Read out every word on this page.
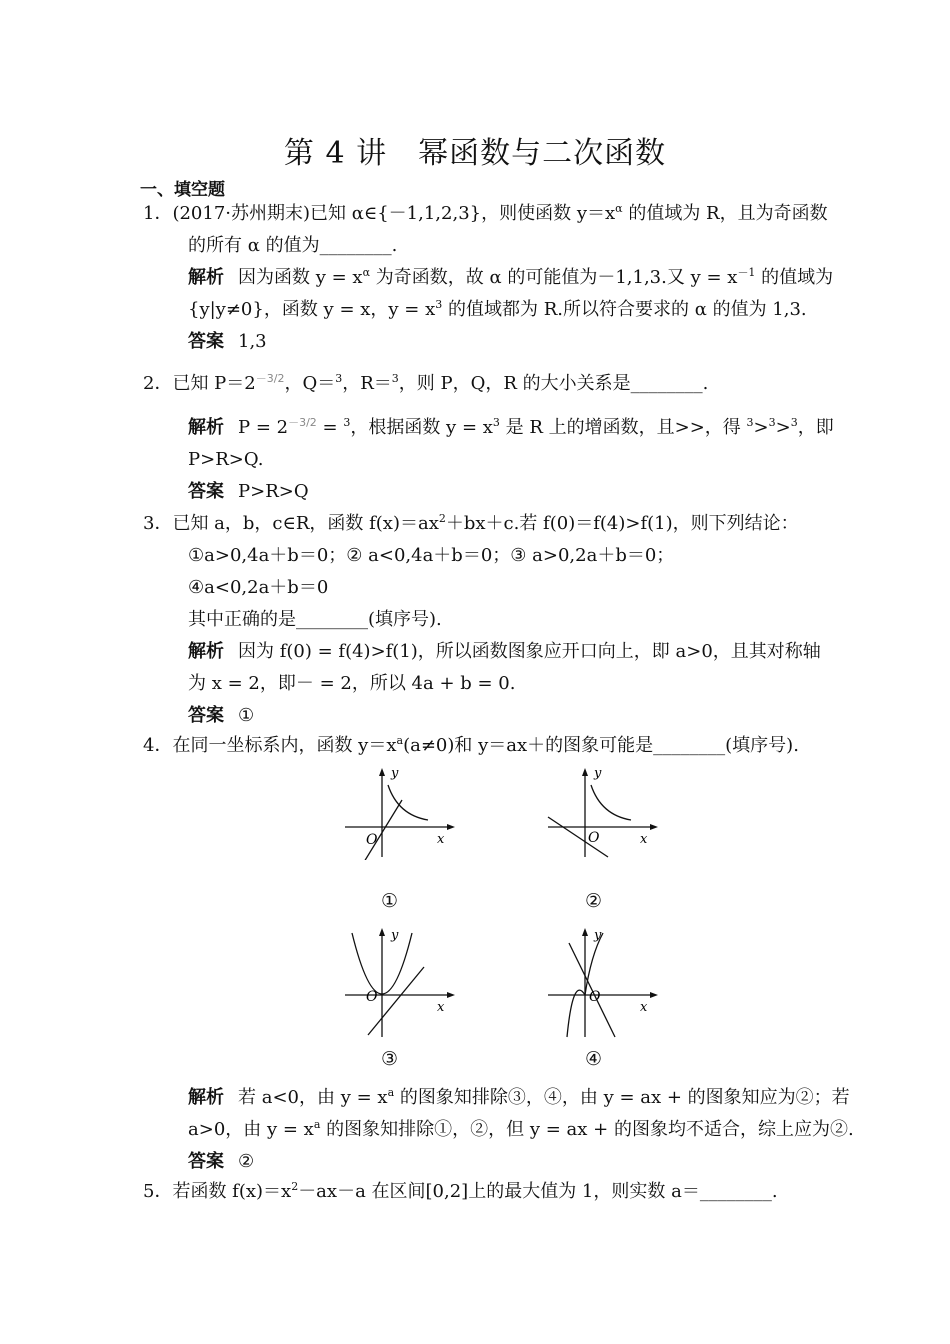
第 4 讲　幂函数与二次函数
一、填空题
1．(2017·苏州期末)已知 α∈{－1,1,2,3}，则使函数 $y=x^\alpha$ 的值域为 R，且为奇函数
的所有 α 的值为________.
解析 因为函数 $y = x^\alpha$ 为奇函数，故 α 的可能值为－1,1,3.又 $y = x^{-1}$ 的值域为
{y|y≠0}，函数 y = x，$y = x^3$ 的值域都为 R.所以符合要求的 α 的值为 1,3.
答案 1,3
2．已知 $P=2^{-3/2}$，Q＝$^3$，R＝$^3$，则 P，Q，R 的大小关系是________.
解析 $P = 2^{-3/2} = ^3$，根据函数 $y = x^3$ 是 R 上的增函数，且>>，得 $^3$>$^3$>$^3$，即
P>R>Q.
答案 P>R>Q
3．已知 a，b，c∈R，函数 $f(x)=ax^2+bx+c$.若 f(0)＝f(4)>f(1)，则下列结论：
①a>0,4a＋b＝0；② a<0,4a＋b＝0；③ a>0,2a＋b＝0；
④a<0,2a＋b＝0
其中正确的是________(填序号).
解析 因为 f(0) = f(4)>f(1)，所以函数图象应开口向上，即 a>0，且其对称轴
为 x = 2，即－ = 2，所以 4a + b = 0.
答案 ①
4．在同一坐标系内，函数 $y=x^a(a\ne 0)$和 y＝ax＋的图象可能是________(填序号).
y
x
O
①
y
x
O
②
y
x
O
③
y
x
O
④
解析 若 a<0，由 $y = x^a$ 的图象知排除③，④，由 y = ax + 的图象知应为②；若
a>0，由 $y = x^a$ 的图象知排除①，②，但 y = ax + 的图象均不适合，综上应为②.
答案 ②
5．若函数 $f(x)=x^2-ax-a$ 在区间[0,2]上的最大值为 1，则实数 a＝________.
